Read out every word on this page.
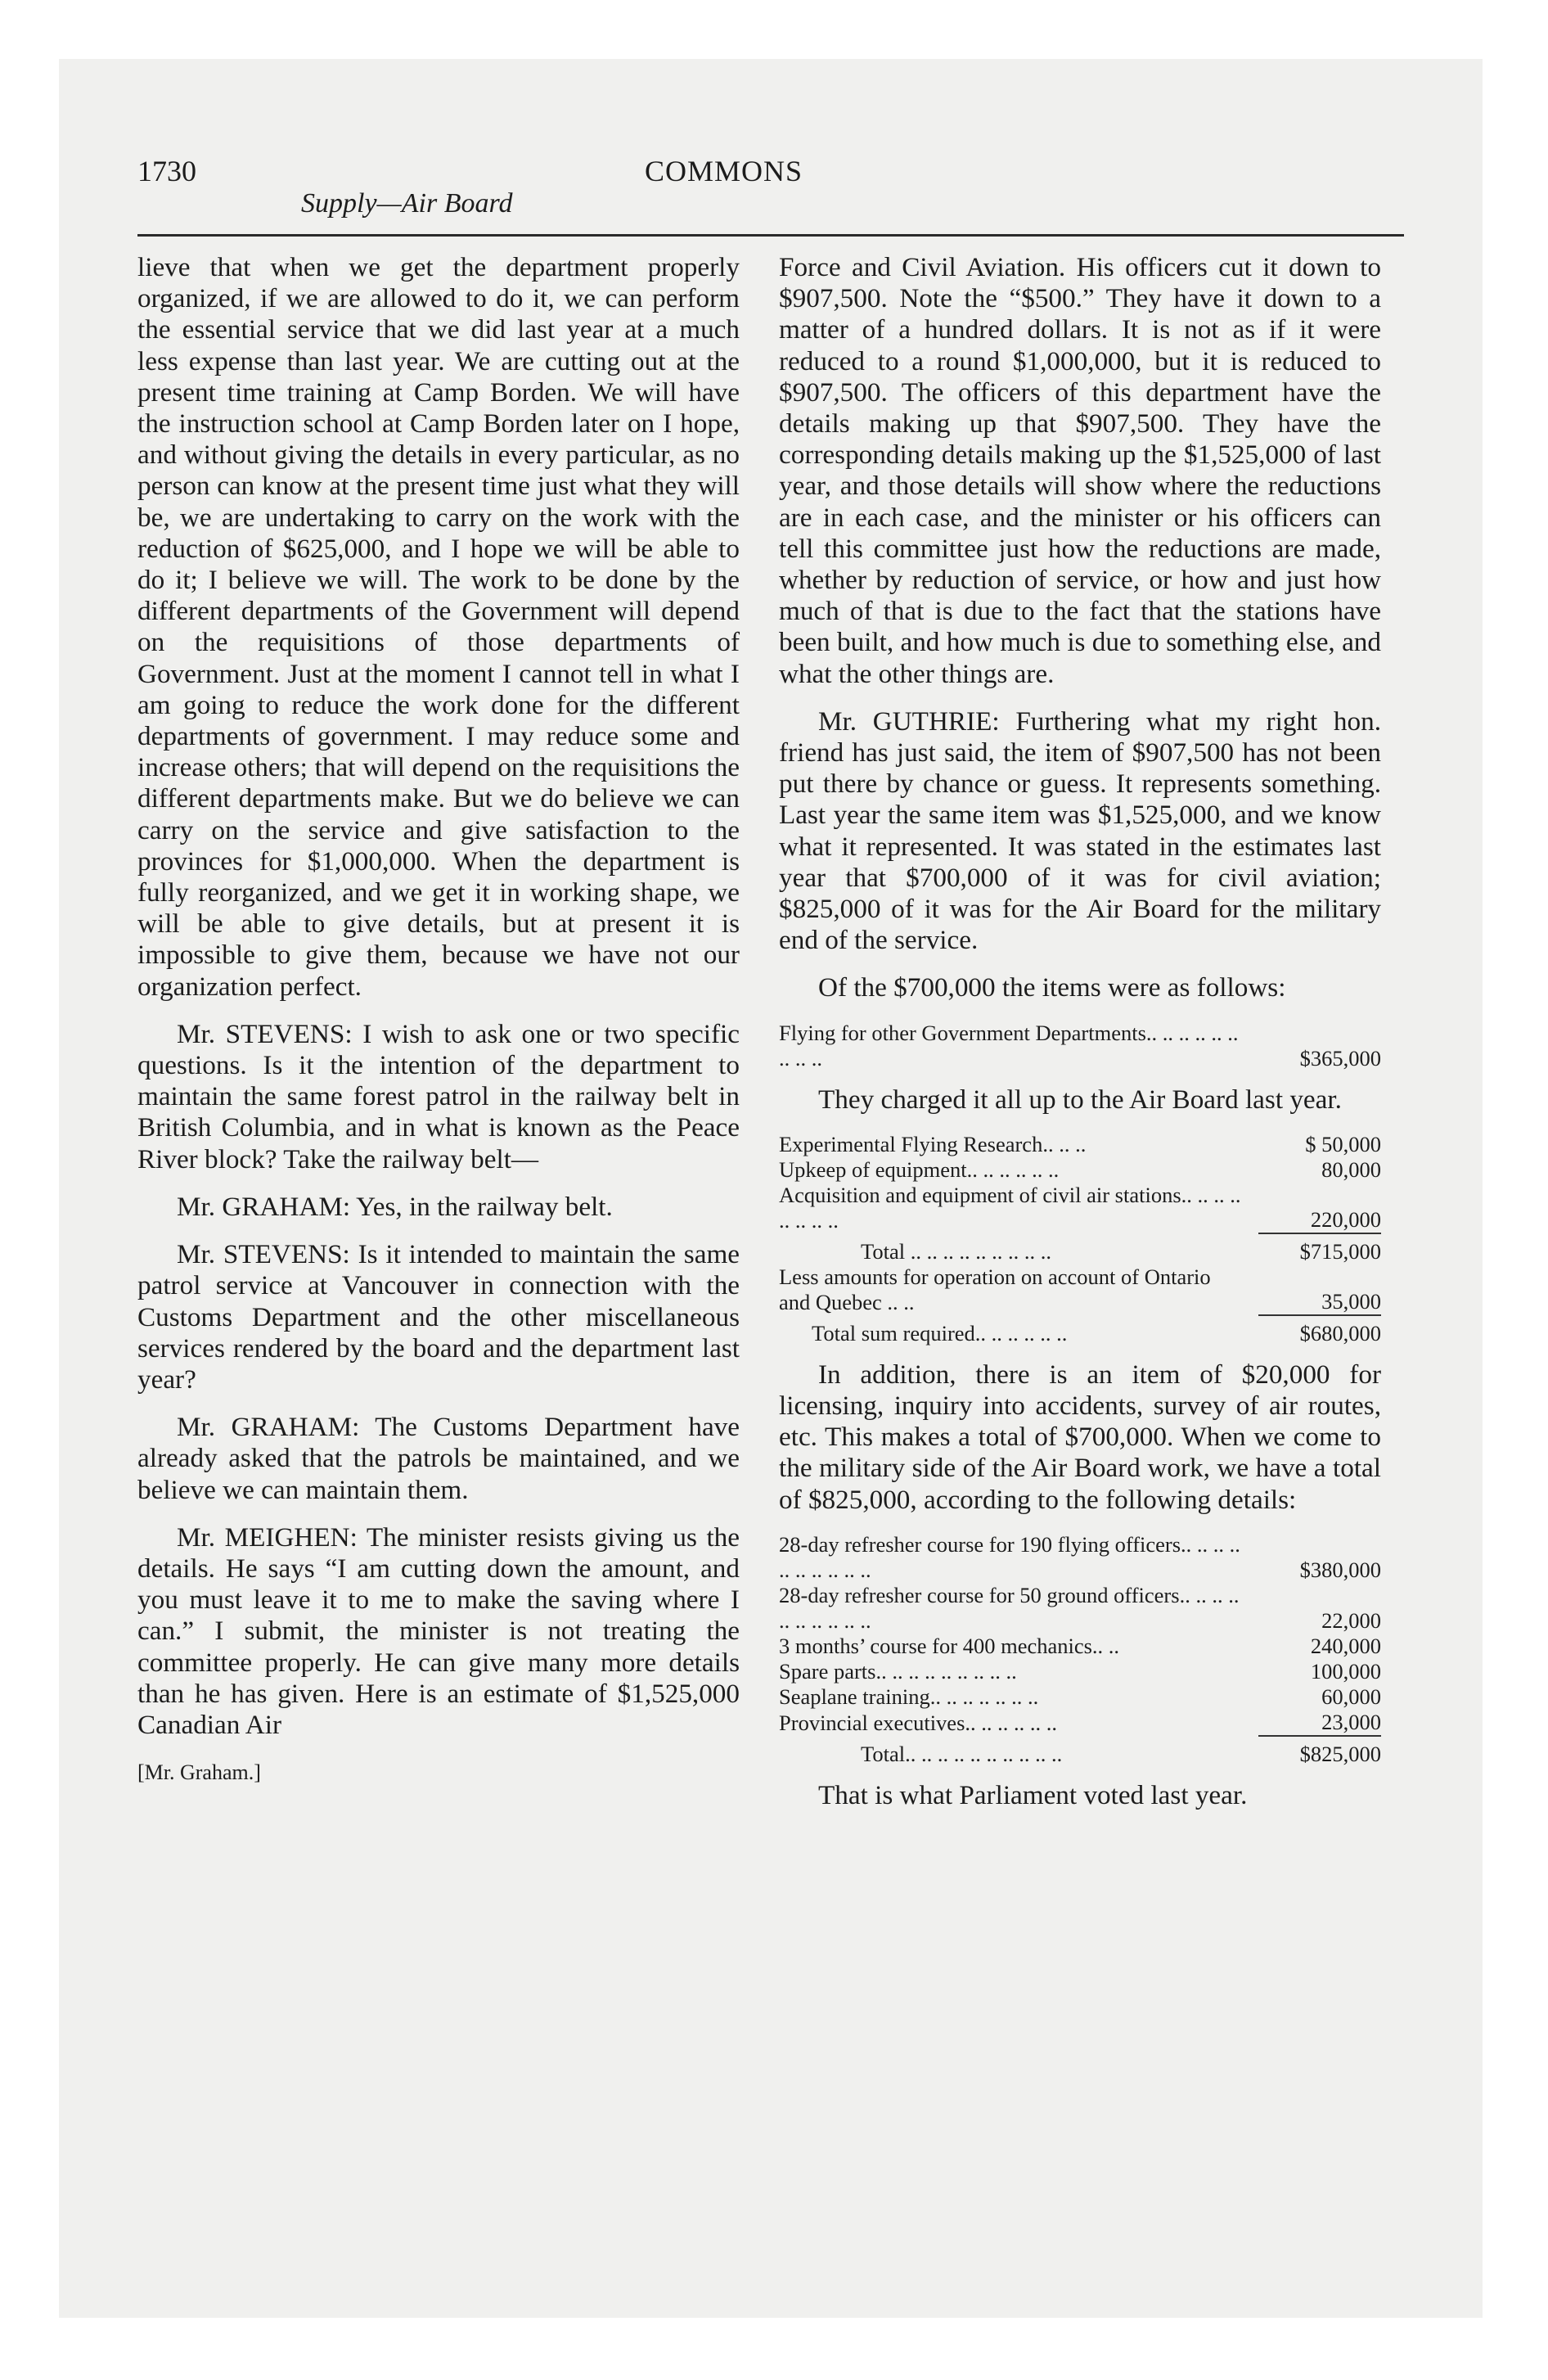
1730	COMMONS
Supply—Air Board

lieve that when we get the department properly organized, if we are allowed to do it, we can perform the essential service that we did last year at a much less expense than last year. We are cutting out at the present time training at Camp Borden. We will have the instruction school at Camp Borden later on I hope, and without giving the details in every particular, as no person can know at the present time just what they will be, we are undertaking to carry on the work with the reduction of $625,000, and I hope we will be able to do it; I believe we will. The work to be done by the different departments of the Government will depend on the requisitions of those departments of Government. Just at the moment I cannot tell in what I am going to reduce the work done for the different departments of government. I may reduce some and increase others; that will depend on the requisitions the different departments make. But we do believe we can carry on the service and give satisfaction to the provinces for $1,000,000. When the department is fully reorganized, and we get it in working shape, we will be able to give details, but at present it is impossible to give them, because we have not our organization perfect.

Mr. STEVENS: I wish to ask one or two specific questions. Is it the intention of the department to maintain the same forest patrol in the railway belt in British Columbia, and in what is known as the Peace River block? Take the railway belt—

Mr. GRAHAM: Yes, in the railway belt.

Mr. STEVENS: Is it intended to maintain the same patrol service at Vancouver in connection with the Customs Department and the other miscellaneous services rendered by the board and the department last year?

Mr. GRAHAM: The Customs Department have already asked that the patrols be maintained, and we believe we can maintain them.

Mr. MEIGHEN: The minister resists giving us the details. He says “I am cutting down the amount, and you must leave it to me to make the saving where I can.” I submit, the minister is not treating the committee properly. He can give many more details than he has given. Here is an estimate of $1,525,000 Canadian Air

[Mr. Graham.]

Force and Civil Aviation. His officers cut it down to $907,500. Note the “$500.” They have it down to a matter of a hundred dollars. It is not as if it were reduced to a round $1,000,000, but it is reduced to $907,500. The officers of this department have the details making up that $907,500. They have the corresponding details making up the $1,525,000 of last year, and those details will show where the reductions are in each case, and the minister or his officers can tell this committee just how the reductions are made, whether by reduction of service, or how and just how much of that is due to the fact that the stations have been built, and how much is due to something else, and what the other things are.

Mr. GUTHRIE: Furthering what my right hon. friend has just said, the item of $907,500 has not been put there by chance or guess. It represents something. Last year the same item was $1,525,000, and we know what it represented. It was stated in the estimates last year that $700,000 of it was for civil aviation; $825,000 of it was for the Air Board for the military end of the service.

Of the $700,000 the items were as follows:

Flying for other Government Departments.. .. .. .. .. .. .. .. ..	$365,000

They charged it all up to the Air Board last year.

Experimental Flying Research.. .. ..	$ 50,000
Upkeep of equipment.. .. .. .. .. ..	80,000
Acquisition and equipment of civil air stations.. .. .. .. .. .. .. ..	220,000

Total .. .. .. .. .. .. .. .. ..	$715,000
Less amounts for operation on account of Ontario and Quebec .. ..	35,000

Total sum required.. .. .. .. .. ..	$680,000

In addition, there is an item of $20,000 for licensing, inquiry into accidents, survey of air routes, etc. This makes a total of $700,000. When we come to the military side of the Air Board work, we have a total of $825,000, according to the following details:

28-day refresher course for 190 flying officers.. .. .. .. .. .. .. .. .. ..	$380,000
28-day refresher course for 50 ground officers.. .. .. .. .. .. .. .. .. ..	22,000
3 months’ course for 400 mechanics.. ..	240,000
Spare parts.. .. .. .. .. .. .. .. ..	100,000
Seaplane training.. .. .. .. .. .. ..	60,000
Provincial executives.. .. .. .. .. ..	23,000

Total.. .. .. .. .. .. .. .. .. ..	$825,000

That is what Parliament voted last year.
